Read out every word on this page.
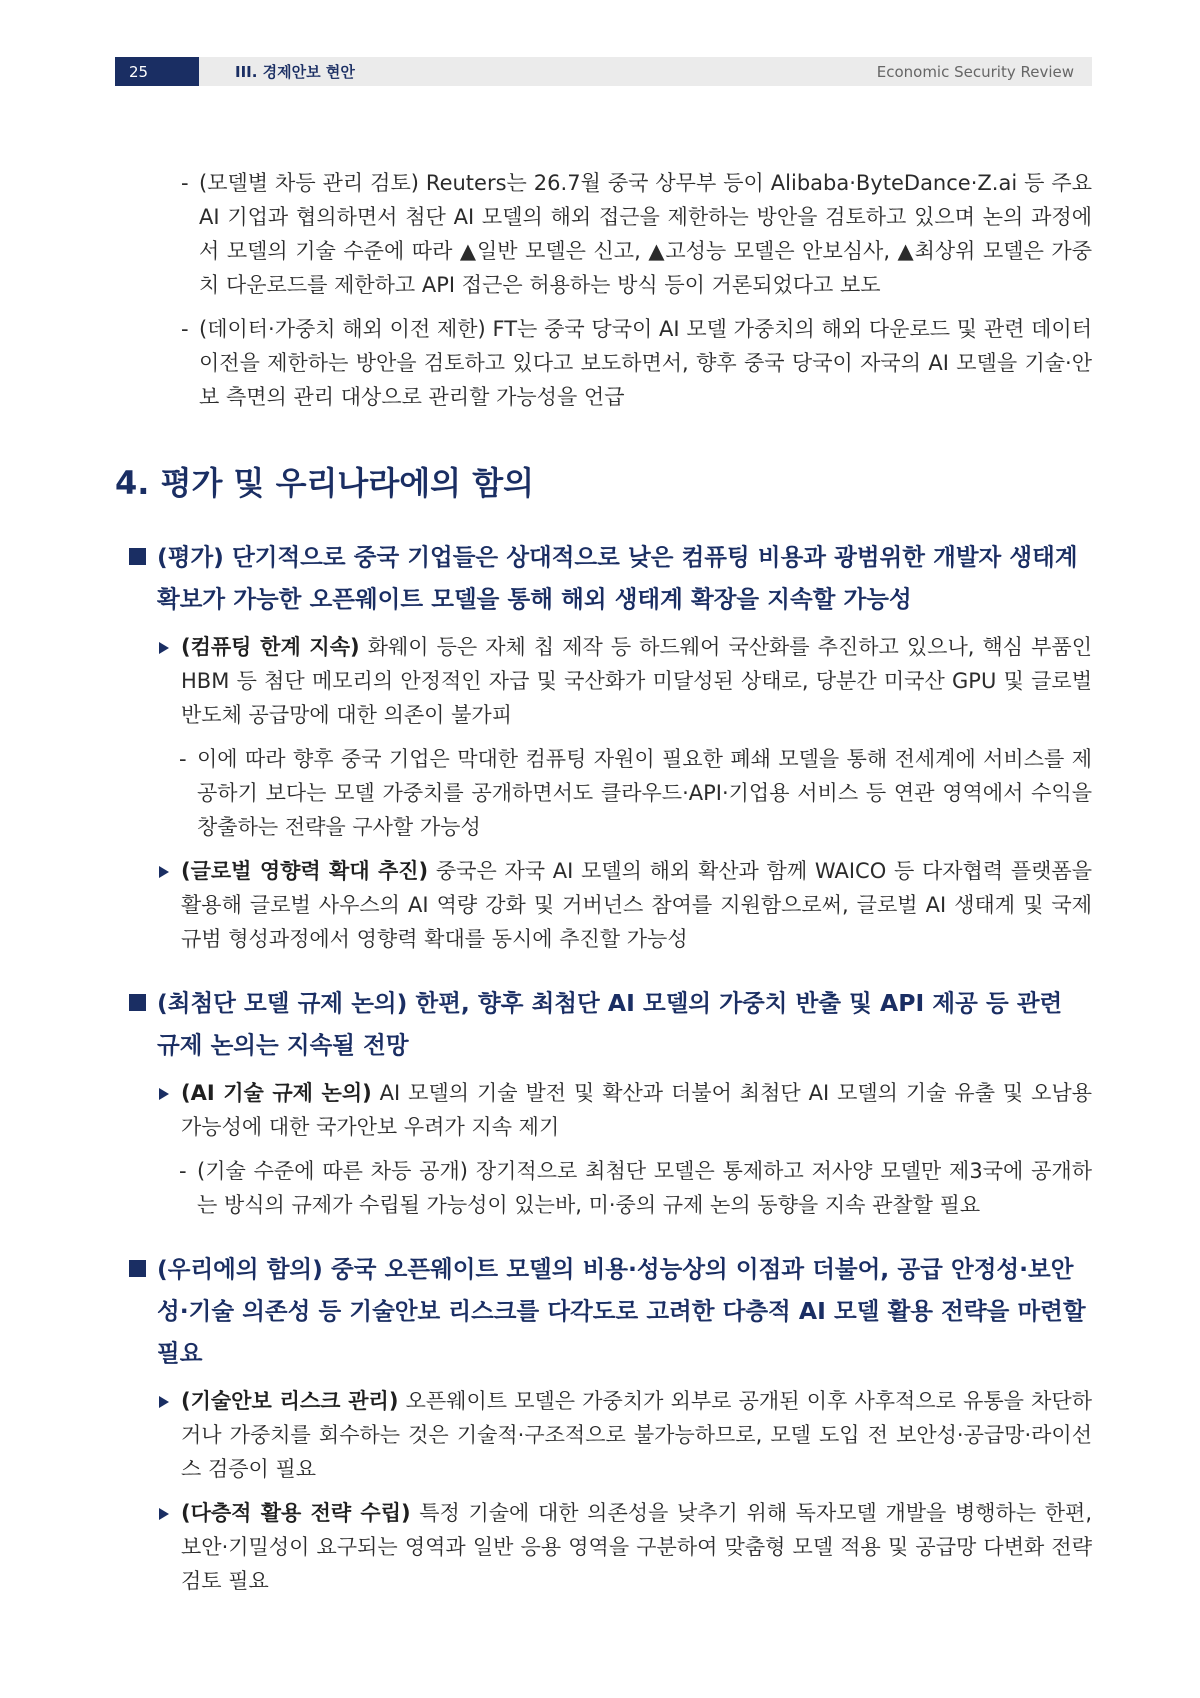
25	III. 경제안보 현안	Economic Security Review
- (모델별 차등 관리 검토) Reuters는 26.7월 중국 상무부 등이 Alibaba·ByteDance·Z.ai 등 주요 AI 기업과 협의하면서 첨단 AI 모델의 해외 접근을 제한하는 방안을 검토하고 있으며 논의 과정에서 모델의 기술 수준에 따라 ▲일반 모델은 신고, ▲고성능 모델은 안보심사, ▲최상위 모델은 가중치 다운로드를 제한하고 API 접근은 허용하는 방식 등이 거론되었다고 보도
- (데이터·가중치 해외 이전 제한) FT는 중국 당국이 AI 모델 가중치의 해외 다운로드 및 관련 데이터 이전을 제한하는 방안을 검토하고 있다고 보도하면서, 향후 중국 당국이 자국의 AI 모델을 기술·안보 측면의 관리 대상으로 관리할 가능성을 언급
4. 평가 및 우리나라에의 함의
(평가) 단기적으로 중국 기업들은 상대적으로 낮은 컴퓨팅 비용과 광범위한 개발자 생태계 확보가 가능한 오픈웨이트 모델을 통해 해외 생태계 확장을 지속할 가능성
(컴퓨팅 한계 지속) 화웨이 등은 자체 칩 제작 등 하드웨어 국산화를 추진하고 있으나, 핵심 부품인 HBM 등 첨단 메모리의 안정적인 자급 및 국산화가 미달성된 상태로, 당분간 미국산 GPU 및 글로벌 반도체 공급망에 대한 의존이 불가피
- 이에 따라 향후 중국 기업은 막대한 컴퓨팅 자원이 필요한 폐쇄 모델을 통해 전세계에 서비스를 제공하기 보다는 모델 가중치를 공개하면서도 클라우드·API·기업용 서비스 등 연관 영역에서 수익을 창출하는 전략을 구사할 가능성
(글로벌 영향력 확대 추진) 중국은 자국 AI 모델의 해외 확산과 함께 WAICO 등 다자협력 플랫폼을 활용해 글로벌 사우스의 AI 역량 강화 및 거버넌스 참여를 지원함으로써, 글로벌 AI 생태계 및 국제 규범 형성과정에서 영향력 확대를 동시에 추진할 가능성
(최첨단 모델 규제 논의) 한편, 향후 최첨단 AI 모델의 가중치 반출 및 API 제공 등 관련 규제 논의는 지속될 전망
(AI 기술 규제 논의) AI 모델의 기술 발전 및 확산과 더불어 최첨단 AI 모델의 기술 유출 및 오남용 가능성에 대한 국가안보 우려가 지속 제기
- (기술 수준에 따른 차등 공개) 장기적으로 최첨단 모델은 통제하고 저사양 모델만 제3국에 공개하는 방식의 규제가 수립될 가능성이 있는바, 미·중의 규제 논의 동향을 지속 관찰할 필요
(우리에의 함의) 중국 오픈웨이트 모델의 비용·성능상의 이점과 더불어, 공급 안정성·보안성·기술 의존성 등 기술안보 리스크를 다각도로 고려한 다층적 AI 모델 활용 전략을 마련할 필요
(기술안보 리스크 관리) 오픈웨이트 모델은 가중치가 외부로 공개된 이후 사후적으로 유통을 차단하거나 가중치를 회수하는 것은 기술적·구조적으로 불가능하므로, 모델 도입 전 보안성·공급망·라이선스 검증이 필요
(다층적 활용 전략 수립) 특정 기술에 대한 의존성을 낮추기 위해 독자모델 개발을 병행하는 한편, 보안·기밀성이 요구되는 영역과 일반 응용 영역을 구분하여 맞춤형 모델 적용 및 공급망 다변화 전략 검토 필요
